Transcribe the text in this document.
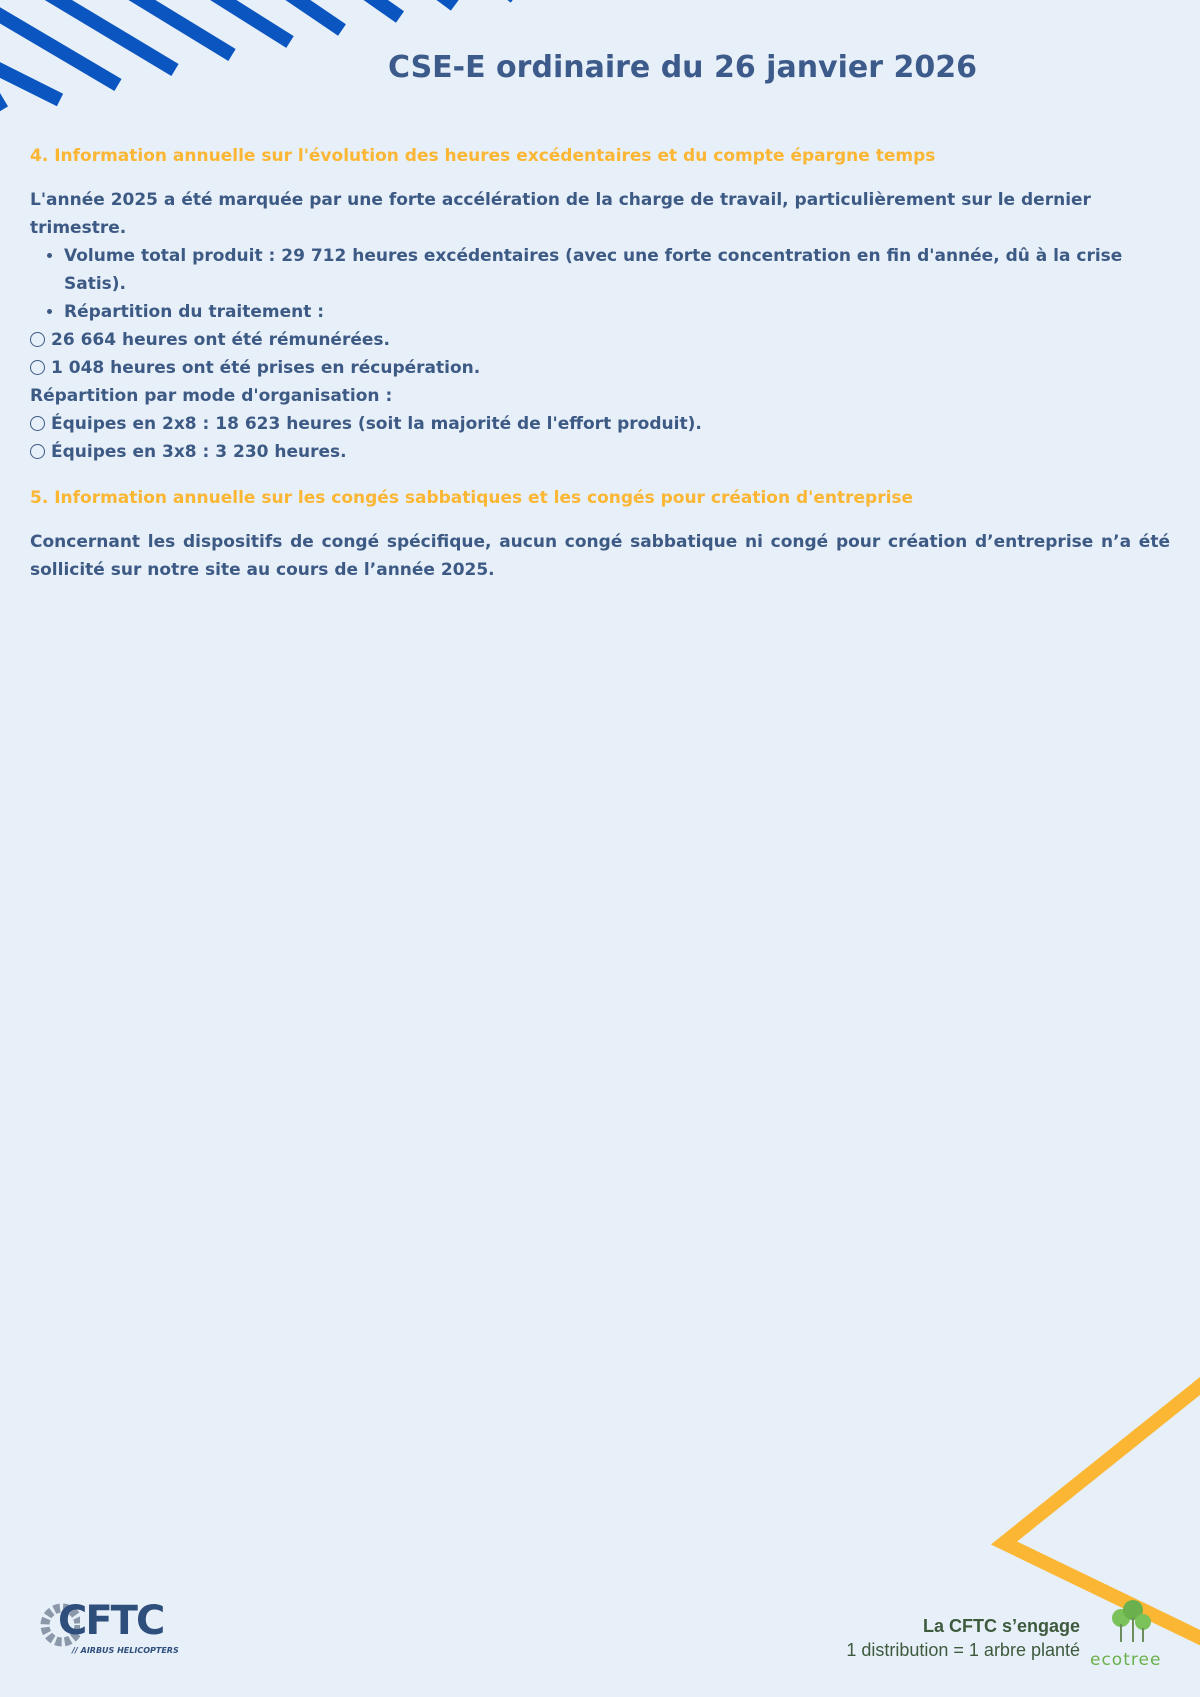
CSE-E ordinaire du 26 janvier 2026

4. Information annuelle sur l'évolution des heures excédentaires et du compte épargne temps

L'année 2025 a été marquée par une forte accélération de la charge de travail, particulièrement sur le dernier trimestre.

• Volume total produit : 29 712 heures excédentaires (avec une forte concentration en fin d'année, dû à la crise Satis).
• Répartition du traitement :

26 664 heures ont été rémunérées.

1 048 heures ont été prises en récupération.

Répartition par mode d'organisation :

Équipes en 2x8 : 18 623 heures (soit la majorité de l'effort produit).

Équipes en 3x8 : 3 230 heures.

5. Information annuelle sur les congés sabbatiques et les congés pour création d'entreprise

Concernant les dispositifs de congé spécifique, aucun congé sabbatique ni congé pour création d’entreprise n’a été sollicité sur notre site au cours de l’année 2025.

CFTC
// AIRBUS HELICOPTERS
La CFTC s’engage
1 distribution = 1 arbre planté ecotree
